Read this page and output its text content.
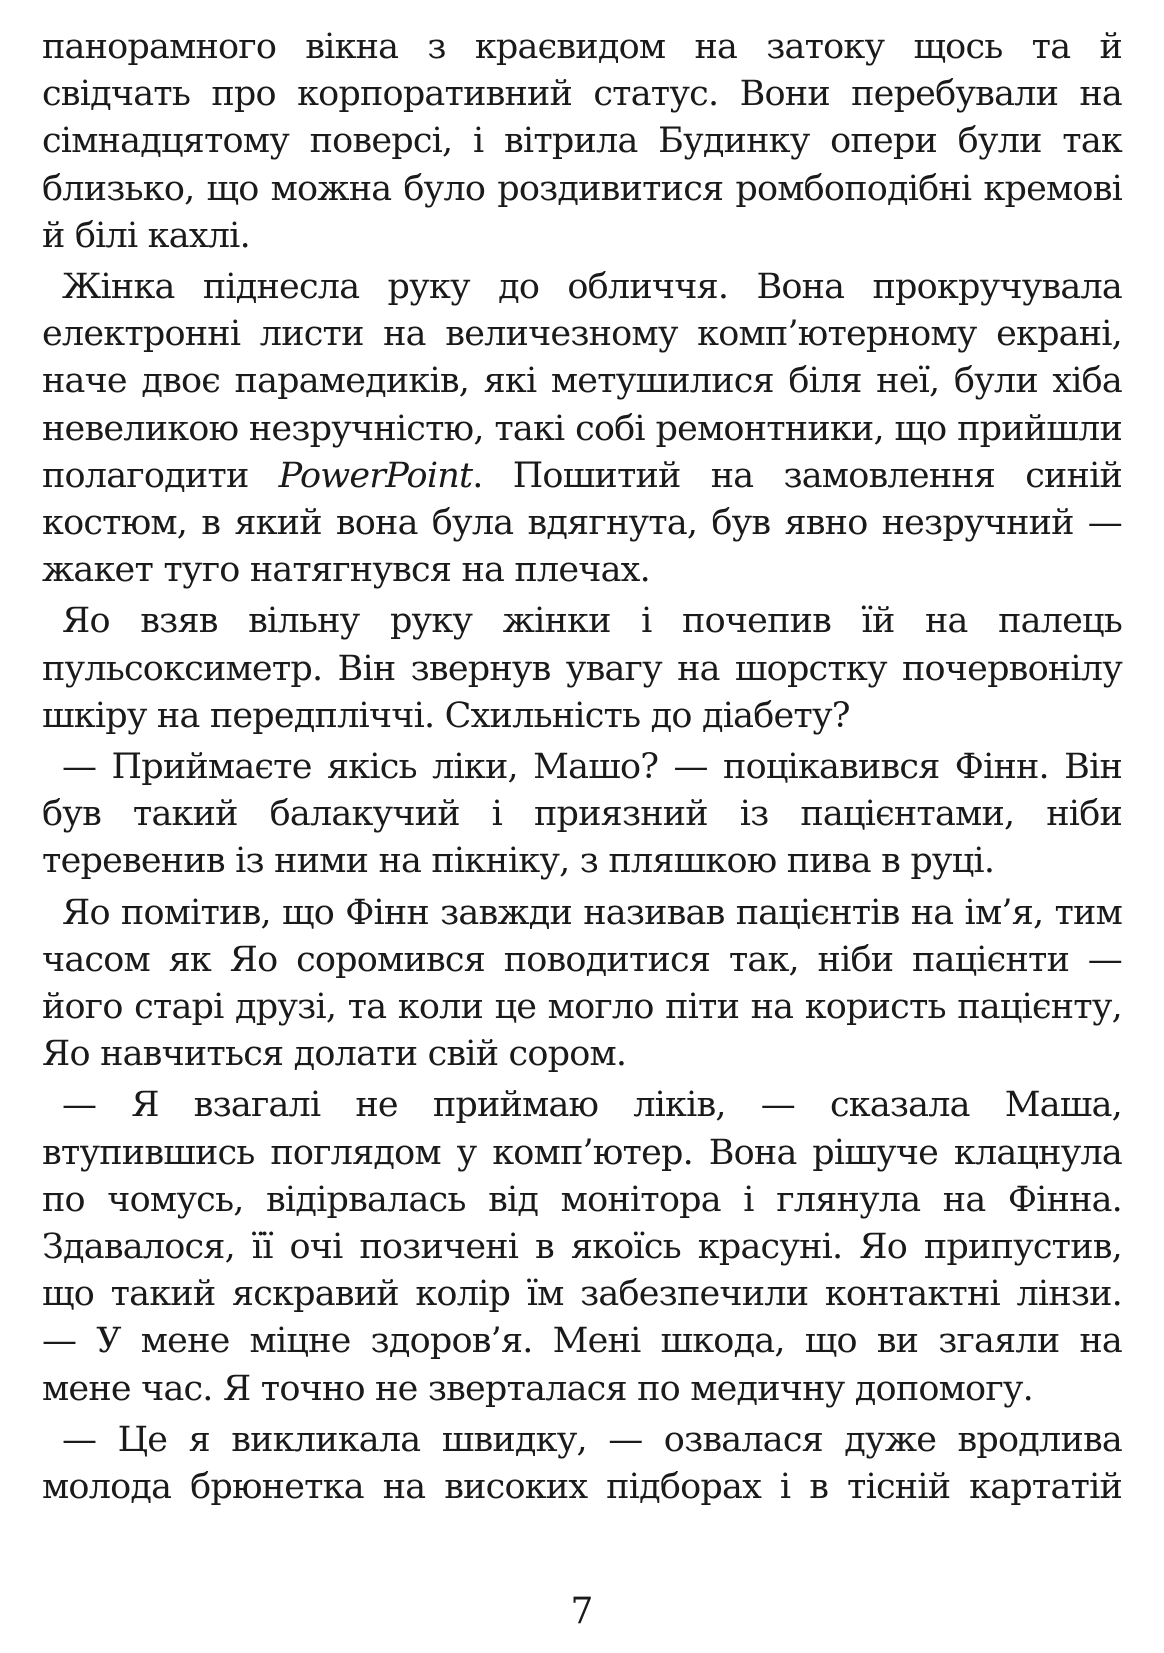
панорамного вікна з краєвидом на затоку щось та й свідчать про корпоративний статус. Вони перебували на сімнадцятому поверсі, і вітрила Будинку опери були так близько, що можна було роздивитися ромбоподібні кремові й білі кахлі.

Жінка піднесла руку до обличчя. Вона прокручувала електронні листи на величезному комп’ютерному екрані, наче двоє парамедиків, які метушилися біля неї, були хіба невеликою незручністю, такі собі ремонтники, що прийшли полагодити PowerPoint. Пошитий на замовлення синій костюм, в який вона була вдягнута, був явно незручний — жакет туго натягнувся на плечах.

Яо взяв вільну руку жінки і почепив їй на палець пульсоксиметр. Він звернув увагу на шорстку почервонілу шкіру на передпліччі. Схильність до діабету?

— Приймаєте якісь ліки, Машо? — поцікавився Фінн. Він був такий балакучий і приязний із пацієнтами, ніби теревенив із ними на пікніку, з пляшкою пива в руці.

Яо помітив, що Фінн завжди називав пацієнтів на ім’я, тим часом як Яо соромився поводитися так, ніби пацієнти — його старі друзі, та коли це могло піти на користь пацієнту, Яо навчиться долати свій сором.

— Я взагалі не приймаю ліків, — сказала Маша, втупившись поглядом у комп’ютер. Вона рішуче клацнула по чомусь, відірвалась від монітора і глянула на Фінна. Здавалося, її очі позичені в якоїсь красуні. Яо припустив, що такий яскравий колір їм забезпечили контактні лінзи. — У мене міцне здоров’я. Мені шкода, що ви згаяли на мене час. Я точно не зверталася по медичну допомогу.

— Це я викликала швидку, — озвалася дуже вродлива молода брюнетка на високих підборах і в тісній картатій

7
